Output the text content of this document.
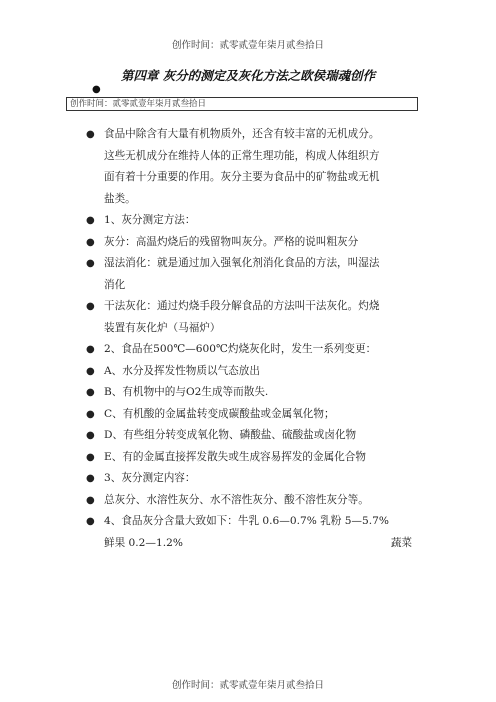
创作时间：贰零贰壹年柒月贰叁拾日
第四章 灰分的测定及灰化方法之欧侯瑞魂创作
●
创作时间：贰零贰壹年柒月贰叁拾日
● 食品中除含有大量有机物质外，还含有较丰富的无机成分。
这些无机成分在维持人体的正常生理功能，构成人体组织方
面有着十分重要的作用。灰分主要为食品中的矿物盐或无机
盐类。
● 1、灰分测定方法：
● 灰分：高温灼烧后的残留物叫灰分。严格的说叫粗灰分
● 湿法消化：就是通过加入强氧化剂消化食品的方法，叫湿法
消化
● 干法灰化：通过灼烧手段分解食品的方法叫干法灰化。灼烧
装置有灰化炉（马福炉）
● 2、食品在500℃—600℃灼烧灰化时，发生一系列变更：
● A、水分及挥发性物质以气态放出
● B、有机物中的与O2生成等而散失.
● C、有机酸的金属盐转变成碳酸盐或金属氧化物；
● D、有些组分转变成氧化物、磷酸盐、硫酸盐或卤化物
● E、有的金属直接挥发散失或生成容易挥发的金属化合物
● 3、灰分测定内容：
● 总灰分、水溶性灰分、水不溶性灰分、酸不溶性灰分等。
● 4、食品灰分含量大致如下：牛乳 0.6—0.7% 乳粉 5—5.7%
鲜果 0.2—1.2%	蔬菜
创作时间：贰零贰壹年柒月贰叁拾日
